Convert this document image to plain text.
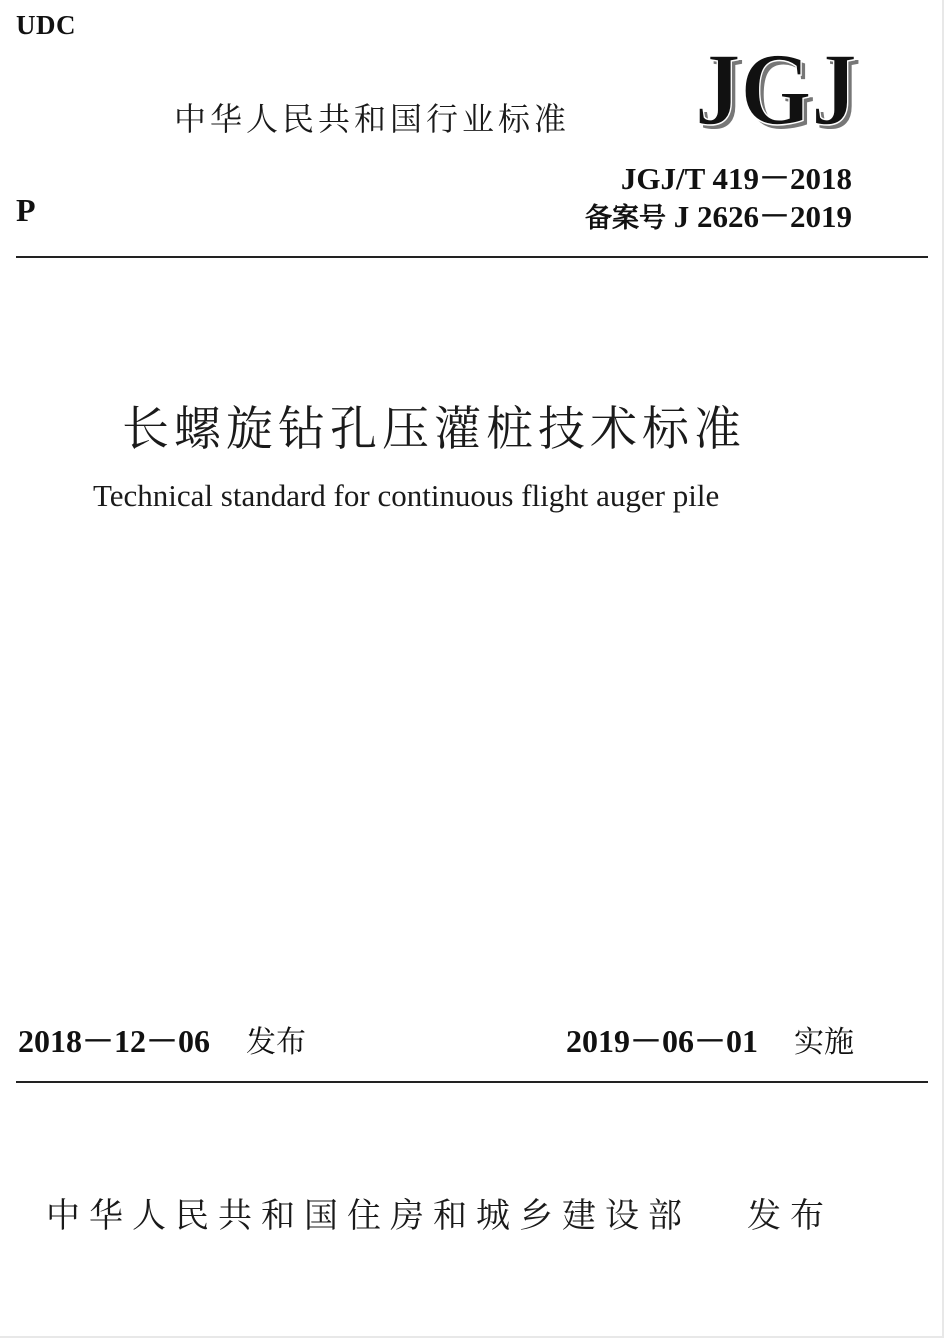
UDC
中华人民共和国行业标准 JGJ
JGJ
JGJ/T 419－2018
备案号 J 2626－2019
P
长螺旋钻孔压灌桩技术标准
Technical standard for continuous flight auger pile
2018－12－06 发布	2019－06－01 实施
中华人民共和国住房和城乡建设部 发布
